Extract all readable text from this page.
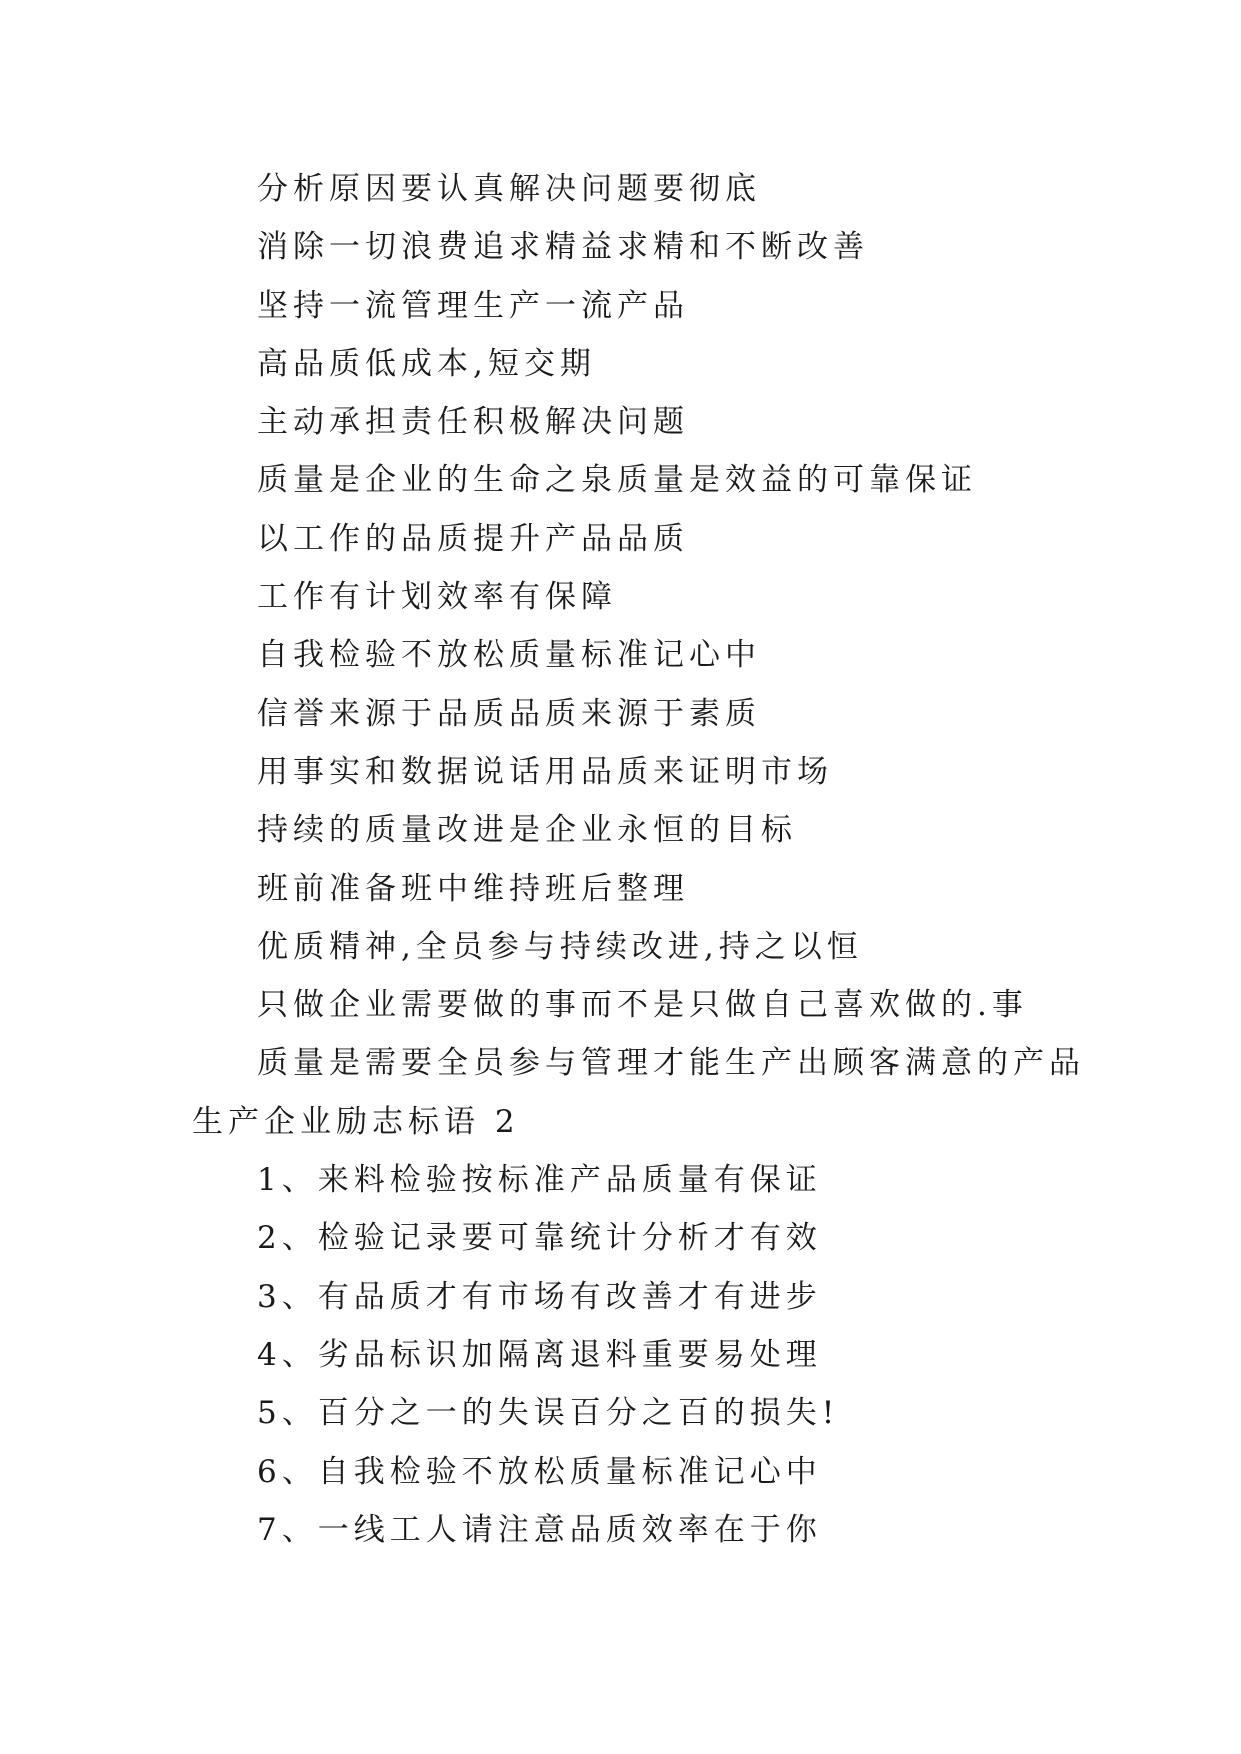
分析原因要认真解决问题要彻底
消除一切浪费追求精益求精和不断改善
坚持一流管理生产一流产品
高品质低成本,短交期
主动承担责任积极解决问题
质量是企业的生命之泉质量是效益的可靠保证
以工作的品质提升产品品质
工作有计划效率有保障
自我检验不放松质量标准记心中
信誉来源于品质品质来源于素质
用事实和数据说话用品质来证明市场
持续的质量改进是企业永恒的目标
班前准备班中维持班后整理
优质精神,全员参与持续改进,持之以恒
只做企业需要做的事而不是只做自己喜欢做的.事
质量是需要全员参与管理才能生产出顾客满意的产品
生产企业励志标语 2
1、来料检验按标准产品质量有保证
2、检验记录要可靠统计分析才有效
3、有品质才有市场有改善才有进步
4、劣品标识加隔离退料重要易处理
5、百分之一的失误百分之百的损失!
6、自我检验不放松质量标准记心中
7、一线工人请注意品质效率在于你
